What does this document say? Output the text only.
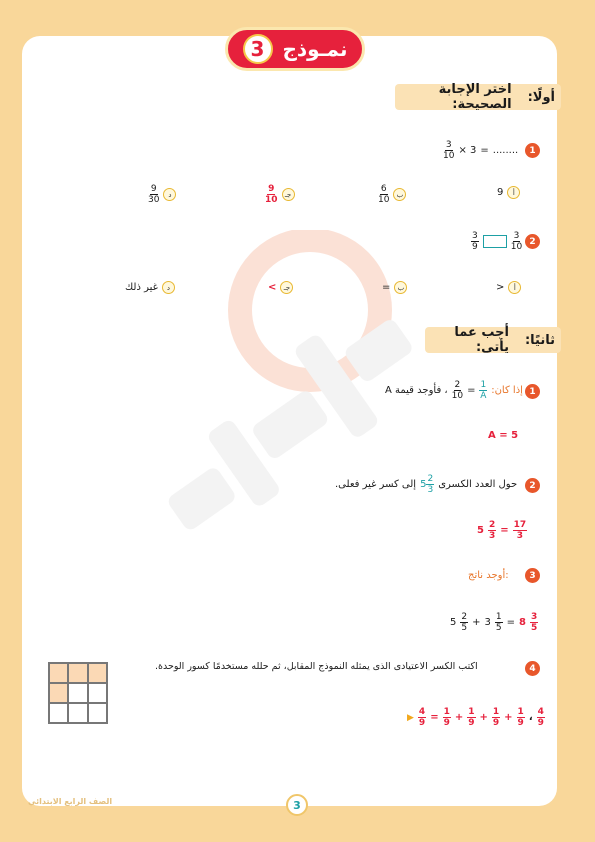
3 نمـوذج
أولًا:
اختر الإجابة الصحيحة:
1
$\frac{3}{10} \times 3$ = ........
9	أ
$\frac{6}{10}$	ب
$\frac{9}{10}$	جـ
$\frac{9}{30}$	د
2
$\frac{3}{9}$	$\frac{3}{10}$
>	أ
=	ب
<	جـ
غير ذلك	د
ثانيًا:
أجب عما يأتى:
1
إذا كان:
$\frac{1}{A}$
=
$\frac{2}{10}$
، فأوجد قيمة A
A = 5
2
حول العدد الكسرى
$5 \frac{2}{3}$
إلى كسر غير فعلى.
$5 \frac{2}{3} = \frac{17}{3}$
3
أوجد ناتج:
$5 \frac{2}{5} + 3 \frac{1}{5} = 8 \frac{3}{5}$
4
اكتب الكسر الاعتيادى الذى يمثله النموذج المقابل، ثم حلله مستخدمًا كسور الوحدة.
▶ $\frac{4}{9} = \frac{1}{9} + \frac{1}{9} + \frac{1}{9} + \frac{1}{9}$ ، $\frac{4}{9}$
الصف الرابع الابتدائي	3
